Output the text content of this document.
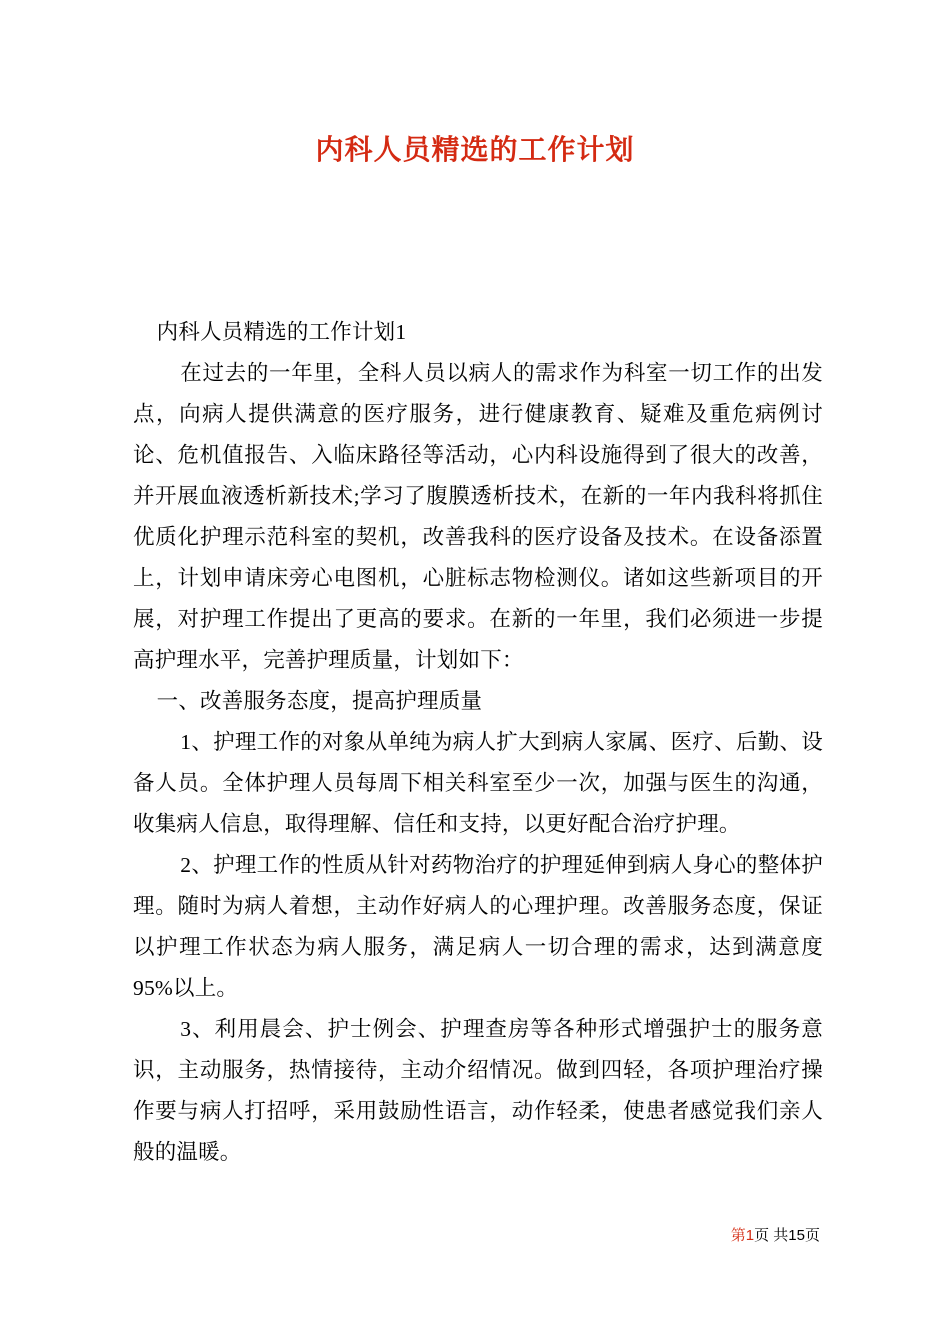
内科人员精选的工作计划

内科人员精选的工作计划1

在过去的一年里，全科人员以病人的需求作为科室一切工作的出发点，向病人提供满意的医疗服务，进行健康教育、疑难及重危病例讨论、危机值报告、入临床路径等活动，心内科设施得到了很大的改善，并开展血液透析新技术;学习了腹膜透析技术，在新的一年内我科将抓住优质化护理示范科室的契机，改善我科的医疗设备及技术。在设备添置上，计划申请床旁心电图机，心脏标志物检测仪。诸如这些新项目的开展，对护理工作提出了更高的要求。在新的一年里，我们必须进一步提高护理水平，完善护理质量，计划如下：

一、改善服务态度，提高护理质量

1、护理工作的对象从单纯为病人扩大到病人家属、医疗、后勤、设备人员。全体护理人员每周下相关科室至少一次，加强与医生的沟通，收集病人信息，取得理解、信任和支持，以更好配合治疗护理。

2、护理工作的性质从针对药物治疗的护理延伸到病人身心的整体护理。随时为病人着想，主动作好病人的心理护理。改善服务态度，保证以护理工作状态为病人服务，满足病人一切合理的需求，达到满意度95%以上。

3、利用晨会、护士例会、护理查房等各种形式增强护士的服务意识，主动服务，热情接待，主动介绍情况。做到四轻，各项护理治疗操作要与病人打招呼，采用鼓励性语言，动作轻柔，使患者感觉我们亲人般的温暖。

第1页 共15页
